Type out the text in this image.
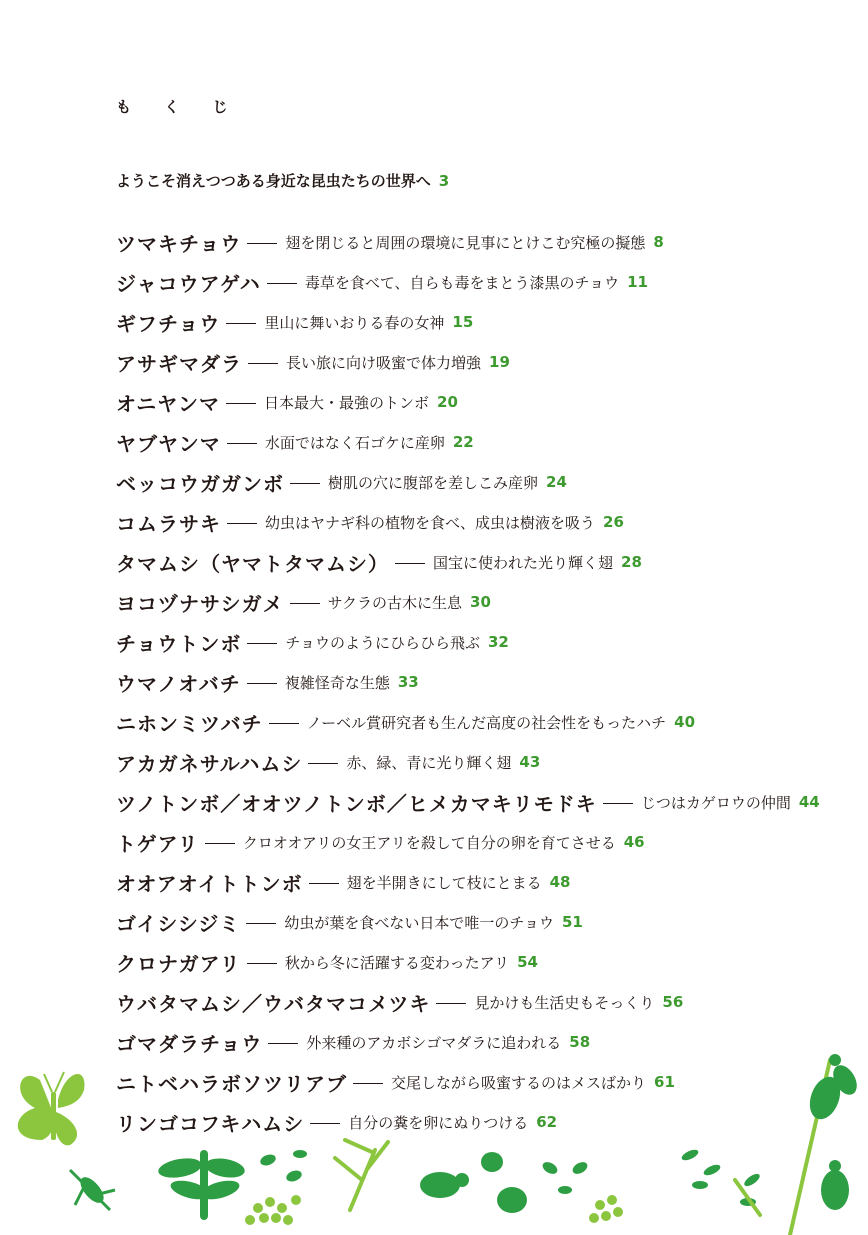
も く じ
ようこそ消えつつある身近な昆虫たちの世界へ 3
ツマキチョウ	翅を閉じると周囲の環境に見事にとけこむ究極の擬態 8
ジャコウアゲハ	毒草を食べて、自らも毒をまとう漆黒のチョウ 11
ギフチョウ	里山に舞いおりる春の女神 15
アサギマダラ	長い旅に向け吸蜜で体力増強 19
オニヤンマ	日本最大・最強のトンボ 20
ヤブヤンマ	水面ではなく石ゴケに産卵 22
ベッコウガガンボ	樹肌の穴に腹部を差しこみ産卵 24
コムラサキ	幼虫はヤナギ科の植物を食べ、成虫は樹液を吸う 26
タマムシ（ヤマトタマムシ）	国宝に使われた光り輝く翅 28
ヨコヅナサシガメ	サクラの古木に生息 30
チョウトンボ	チョウのようにひらひら飛ぶ 32
ウマノオバチ	複雑怪奇な生態 33
ニホンミツバチ	ノーベル賞研究者も生んだ高度の社会性をもったハチ 40
アカガネサルハムシ	赤、緑、青に光り輝く翅 43
ツノトンボ／オオツノトンボ／ヒメカマキリモドキ	じつはカゲロウの仲間 44
トゲアリ	クロオオアリの女王アリを殺して自分の卵を育てさせる 46
オオアオイトトンボ	翅を半開きにして枝にとまる 48
ゴイシシジミ	幼虫が葉を食べない日本で唯一のチョウ 51
クロナガアリ	秋から冬に活躍する変わったアリ 54
ウバタマムシ／ウバタマコメツキ	見かけも生活史もそっくり 56
ゴマダラチョウ	外来種のアカボシゴマダラに追われる 58
ニトベハラボソツリアブ	交尾しながら吸蜜するのはメスばかり 61
リンゴコフキハムシ	自分の糞を卵にぬりつける 62
